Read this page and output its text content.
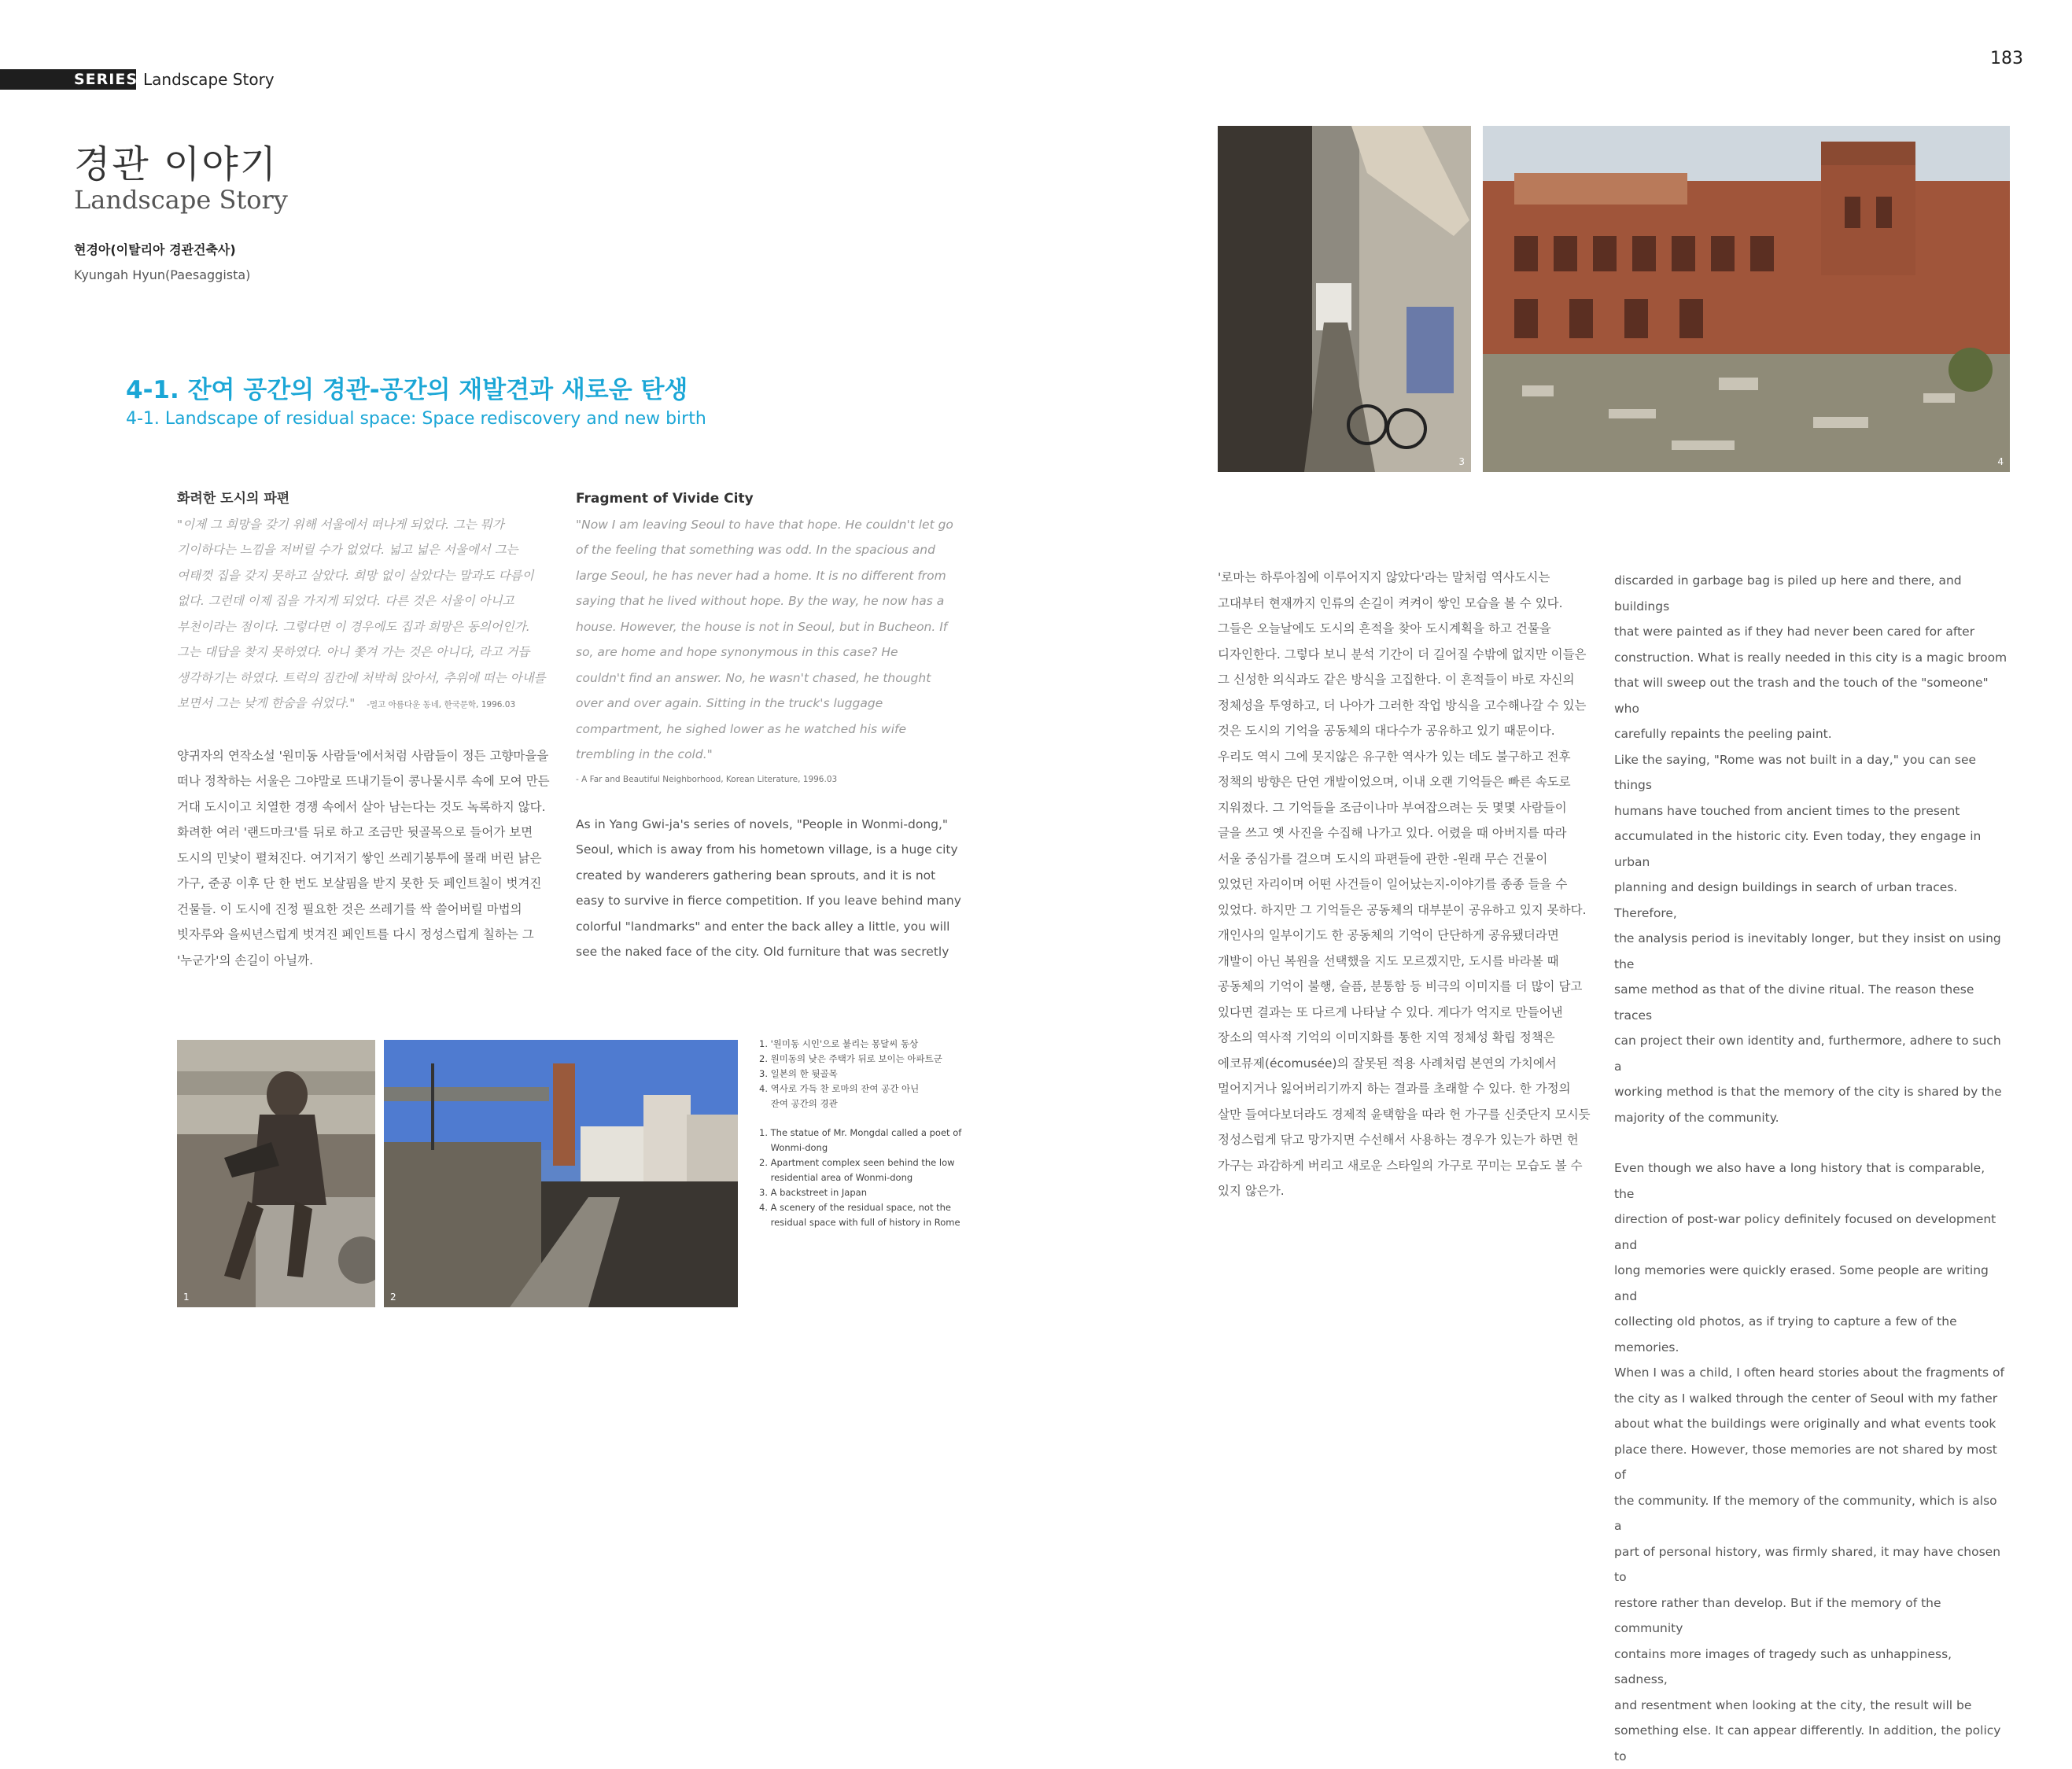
SERIES Landscape Story
183
경관 이야기
Landscape Story
현경아(이탈리아 경관건축사)
Kyungah Hyun(Paesaggista)
4-1. 잔여 공간의 경관-공간의 재발견과 새로운 탄생
4-1. Landscape of residual space: Space rediscovery and new birth

화려한 도시의 파편

"이제 그 희망을 갖기 위해 서울에서 떠나게 되었다. 그는 뭐가

기이하다는 느낌을 저버릴 수가 없었다. 넓고 넓은 서울에서 그는

여태껏 집을 갖지 못하고 살았다. 희망 없이 살았다는 말과도 다름이

없다. 그런데 이제 집을 가지게 되었다. 다른 것은 서울이 아니고

부천이라는 점이다. 그렇다면 이 경우에도 집과 희망은 동의어인가.

그는 대답을 찾지 못하였다. 아니 쫓겨 가는 것은 아니다, 라고 거듭

생각하기는 하였다. 트럭의 짐칸에 처박혀 앉아서, 추위에 떠는 아내를

보면서 그는 낮게 한숨을 쉬었다." -멀고 아름다운 동네, 한국문학, 1996.03

양귀자의 연작소설 '원미동 사람들'에서처럼 사람들이 정든 고향마을을

떠나 정착하는 서울은 그야말로 뜨내기들이 콩나물시루 속에 모여 만든

거대 도시이고 치열한 경쟁 속에서 살아 남는다는 것도 녹록하지 않다.

화려한 여러 '랜드마크'를 뒤로 하고 조금만 뒷골목으로 들어가 보면

도시의 민낯이 펼쳐진다. 여기저기 쌓인 쓰레기봉투에 몰래 버린 낡은

가구, 준공 이후 단 한 번도 보살핌을 받지 못한 듯 페인트칠이 벗겨진

건물들. 이 도시에 진정 필요한 것은 쓰레기를 싹 쓸어버릴 마법의

빗자루와 을씨년스럽게 벗겨진 페인트를 다시 정성스럽게 칠하는 그

'누군가'의 손길이 아닐까.

Fragment of Vivide City

"Now I am leaving Seoul to have that hope. He couldn't let go

of the feeling that something was odd. In the spacious and

large Seoul, he has never had a home. It is no different from

saying that he lived without hope. By the way, he now has a

house. However, the house is not in Seoul, but in Bucheon. If

so, are home and hope synonymous in this case? He

couldn't find an answer. No, he wasn't chased, he thought

over and over again. Sitting in the truck's luggage

compartment, he sighed lower as he watched his wife

trembling in the cold."

- A Far and Beautiful Neighborhood, Korean Literature, 1996.03

As in Yang Gwi-ja's series of novels, "People in Wonmi-dong,"

Seoul, which is away from his hometown village, is a huge city

created by wanderers gathering bean sprouts, and it is not

easy to survive in fierce competition. If you leave behind many

colorful "landmarks" and enter the back alley a little, you will

see the naked face of the city. Old furniture that was secretly

1	2

1. '원미동 시인'으로 불리는 몽달씨 동상

2. 원미동의 낮은 주택가 뒤로 보이는 아파트군

3. 일본의 한 뒷골목

4. 역사로 가득 찬 로마의 잔여 공간 아닌

잔여 공간의 경관

1. The statue of Mr. Mongdal called a poet of

Wonmi-dong

2. Apartment complex seen behind the low

residential area of Wonmi-dong

3. A backstreet in Japan

4. A scenery of the residual space, not the

residual space with full of history in Rome

3	4

'로마는 하루아침에 이루어지지 않았다'라는 말처럼 역사도시는

고대부터 현재까지 인류의 손길이 켜켜이 쌓인 모습을 볼 수 있다.

그들은 오늘날에도 도시의 흔적을 찾아 도시계획을 하고 건물을

디자인한다. 그렇다 보니 분석 기간이 더 길어질 수밖에 없지만 이들은

그 신성한 의식과도 같은 방식을 고집한다. 이 흔적들이 바로 자신의

정체성을 투영하고, 더 나아가 그러한 작업 방식을 고수해나갈 수 있는

것은 도시의 기억을 공동체의 대다수가 공유하고 있기 때문이다.

우리도 역시 그에 못지않은 유구한 역사가 있는 데도 불구하고 전후

정책의 방향은 단연 개발이었으며, 이내 오랜 기억들은 빠른 속도로

지워졌다. 그 기억들을 조금이나마 부여잡으려는 듯 몇몇 사람들이

글을 쓰고 옛 사진을 수집해 나가고 있다. 어렸을 때 아버지를 따라

서울 중심가를 걸으며 도시의 파편들에 관한 -원래 무슨 건물이

있었던 자리이며 어떤 사건들이 일어났는지-이야기를 종종 들을 수

있었다. 하지만 그 기억들은 공동체의 대부분이 공유하고 있지 못하다.

개인사의 일부이기도 한 공동체의 기억이 단단하게 공유됐더라면

개발이 아닌 복원을 선택했을 지도 모르겠지만, 도시를 바라볼 때

공동체의 기억이 불행, 슬픔, 분통함 등 비극의 이미지를 더 많이 담고

있다면 결과는 또 다르게 나타날 수 있다. 게다가 억지로 만들어낸

장소의 역사적 기억의 이미지화를 통한 지역 정체성 확립 정책은

에코뮤제(écomusée)의 잘못된 적용 사례처럼 본연의 가치에서

멀어지거나 잃어버리기까지 하는 결과를 초래할 수 있다. 한 가정의

살만 들여다보더라도 경제적 윤택함을 따라 헌 가구를 신줏단지 모시듯

정성스럽게 닦고 망가지면 수선해서 사용하는 경우가 있는가 하면 헌

가구는 과감하게 버리고 새로운 스타일의 가구로 꾸미는 모습도 볼 수

있지 않은가.

discarded in garbage bag is piled up here and there, and buildings

that were painted as if they had never been cared for after

construction. What is really needed in this city is a magic broom

that will sweep out the trash and the touch of the "someone" who

carefully repaints the peeling paint.

Like the saying, "Rome was not built in a day," you can see things

humans have touched from ancient times to the present

accumulated in the historic city. Even today, they engage in urban

planning and design buildings in search of urban traces. Therefore,

the analysis period is inevitably longer, but they insist on using the

same method as that of the divine ritual. The reason these traces

can project their own identity and, furthermore, adhere to such a

working method is that the memory of the city is shared by the

majority of the community.

Even though we also have a long history that is comparable, the

direction of post-war policy definitely focused on development and

long memories were quickly erased. Some people are writing and

collecting old photos, as if trying to capture a few of the memories.

When I was a child, I often heard stories about the fragments of

the city as I walked through the center of Seoul with my father

about what the buildings were originally and what events took

place there. However, those memories are not shared by most of

the community. If the memory of the community, which is also a

part of personal history, was firmly shared, it may have chosen to

restore rather than develop. But if the memory of the community

contains more images of tragedy such as unhappiness, sadness,

and resentment when looking at the city, the result will be

something else. It can appear differently. In addition, the policy to
